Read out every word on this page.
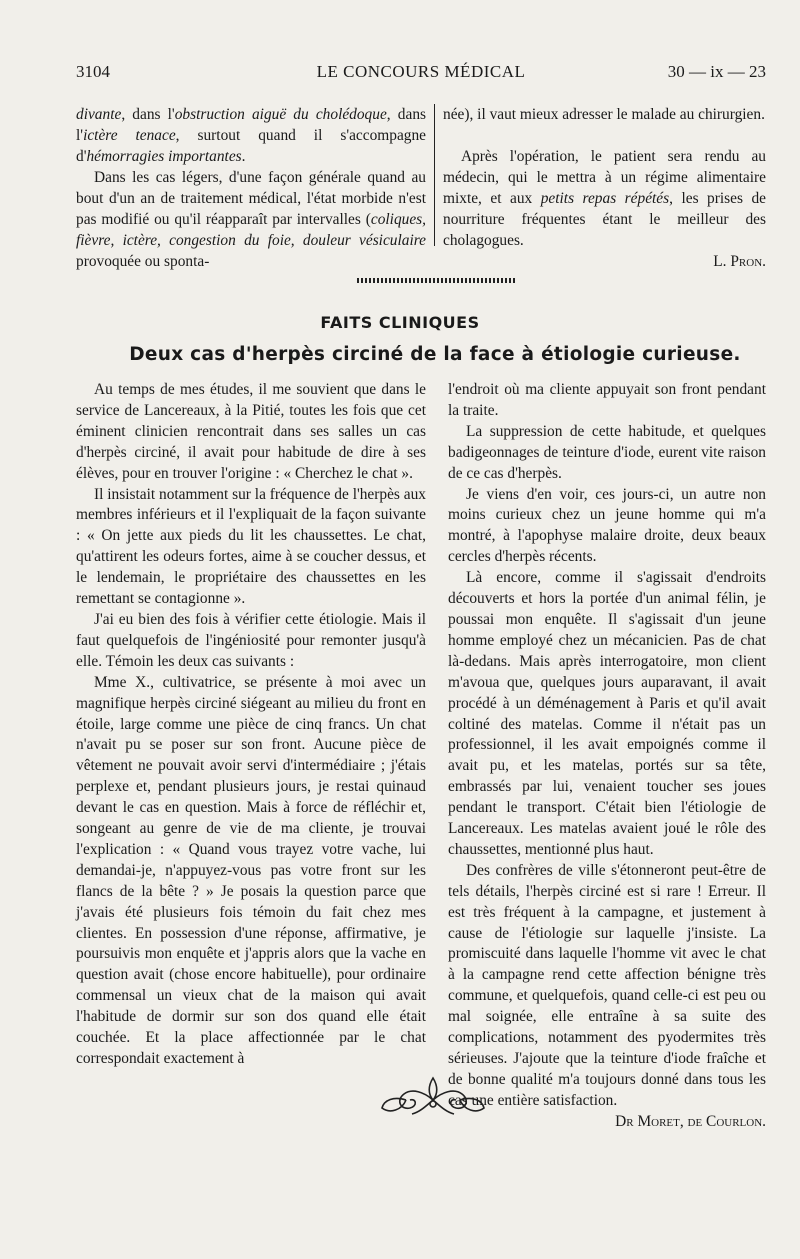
3104	LE CONCOURS MÉDICAL	30 — ix — 23

divante, dans l'obstruction aiguë du cholédoque, dans l'ictère tenace, surtout quand il s'accompagne d'hémorragies importantes.

Dans les cas légers, d'une façon générale quand au bout d'un an de traitement médical, l'état morbide n'est pas modifié ou qu'il réapparaît par intervalles (coliques, fièvre, ictère, congestion du foie, douleur vésiculaire provoquée ou sponta-

née), il vaut mieux adresser le malade au chirurgien.

Après l'opération, le patient sera rendu au médecin, qui le mettra à un régime alimentaire mixte, et aux petits repas répétés, les prises de nourriture fréquentes étant le meilleur des cholagogues.

L. Pron.

FAITS CLINIQUES
Deux cas d'herpès circiné de la face à étiologie curieuse.

Au temps de mes études, il me souvient que dans le service de Lancereaux, à la Pitié, toutes les fois que cet éminent clinicien rencontrait dans ses salles un cas d'herpès circiné, il avait pour habitude de dire à ses élèves, pour en trouver l'origine : « Cherchez le chat ».

Il insistait notamment sur la fréquence de l'herpès aux membres inférieurs et il l'expliquait de la façon suivante : « On jette aux pieds du lit les chaussettes. Le chat, qu'attirent les odeurs fortes, aime à se coucher dessus, et le lendemain, le propriétaire des chaussettes en les remettant se contagionne ».

J'ai eu bien des fois à vérifier cette étiologie. Mais il faut quelquefois de l'ingéniosité pour remonter jusqu'à elle. Témoin les deux cas suivants :

Mme X., cultivatrice, se présente à moi avec un magnifique herpès circiné siégeant au milieu du front en étoile, large comme une pièce de cinq francs. Un chat n'avait pu se poser sur son front. Aucune pièce de vêtement ne pouvait avoir servi d'intermédiaire ; j'étais perplexe et, pendant plusieurs jours, je restai quinaud devant le cas en question. Mais à force de réfléchir et, songeant au genre de vie de ma cliente, je trouvai l'explication : « Quand vous trayez votre vache, lui demandai-je, n'appuyez-vous pas votre front sur les flancs de la bête ? » Je posais la question parce que j'avais été plusieurs fois témoin du fait chez mes clientes. En possession d'une réponse, affirmative, je poursuivis mon enquête et j'appris alors que la vache en question avait (chose encore habituelle), pour ordinaire commensal un vieux chat de la maison qui avait l'habitude de dormir sur son dos quand elle était couchée. Et la place affectionnée par le chat correspondait exactement à

l'endroit où ma cliente appuyait son front pendant la traite.

La suppression de cette habitude, et quelques badigeonnages de teinture d'iode, eurent vite raison de ce cas d'herpès.

Je viens d'en voir, ces jours-ci, un autre non moins curieux chez un jeune homme qui m'a montré, à l'apophyse malaire droite, deux beaux cercles d'herpès récents.

Là encore, comme il s'agissait d'endroits découverts et hors la portée d'un animal félin, je poussai mon enquête. Il s'agissait d'un jeune homme employé chez un mécanicien. Pas de chat là-dedans. Mais après interrogatoire, mon client m'avoua que, quelques jours auparavant, il avait procédé à un déménagement à Paris et qu'il avait coltiné des matelas. Comme il n'était pas un professionnel, il les avait empoignés comme il avait pu, et les matelas, portés sur sa tête, embrassés par lui, venaient toucher ses joues pendant le transport. C'était bien l'étiologie de Lancereaux. Les matelas avaient joué le rôle des chaussettes, mentionné plus haut.

Des confrères de ville s'étonneront peut-être de tels détails, l'herpès circiné est si rare ! Erreur. Il est très fréquent à la campagne, et justement à cause de l'étiologie sur laquelle j'insiste. La promiscuité dans laquelle l'homme vit avec le chat à la campagne rend cette affection bénigne très commune, et quelquefois, quand celle-ci est peu ou mal soignée, elle entraîne à sa suite des complications, notamment des pyodermites très sérieuses. J'ajoute que la teinture d'iode fraîche et de bonne qualité m'a toujours donné dans tous les cas une entière satisfaction.

Dr Moret, de Courlon.
